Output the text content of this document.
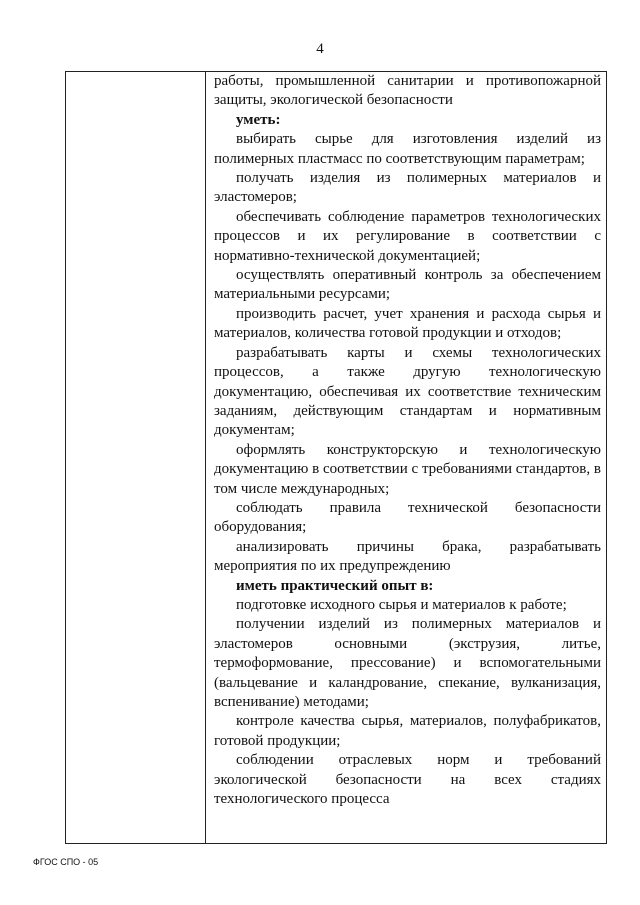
4

работы, промышленной санитарии и противопожарной защиты, экологической безопасности

уметь:

выбирать сырье для изготовления изделий из полимерных пластмасс по соответствующим параметрам;

получать изделия из полимерных материалов и эластомеров;

обеспечивать соблюдение параметров технологических процессов и их регулирование в соответствии с нормативно-технической документацией;

осуществлять оперативный контроль за обеспечением материальными ресурсами;

производить расчет, учет хранения и расхода сырья и материалов, количества готовой продукции и отходов;

разрабатывать карты и схемы технологических процессов, а также другую технологическую документацию, обеспечивая их соответствие техническим заданиям, действующим стандартам и нормативным документам;

оформлять конструкторскую и технологическую документацию в соответствии с требованиями стандартов, в том числе международных;

соблюдать правила технической безопасности оборудования;

анализировать причины брака, разрабатывать мероприятия по их предупреждению

иметь практический опыт в:

подготовке исходного сырья и материалов к работе;

получении изделий из полимерных материалов и эластомеров основными (экструзия, литье, термоформование, прессование) и вспомогательными (вальцевание и каландрование, спекание, вулканизация, вспенивание) методами;

контроле качества сырья, материалов, полуфабрикатов, готовой продукции;

соблюдении отраслевых норм и требований экологической безопасности на всех стадиях технологического процесса

ФГОС СПО - 05
